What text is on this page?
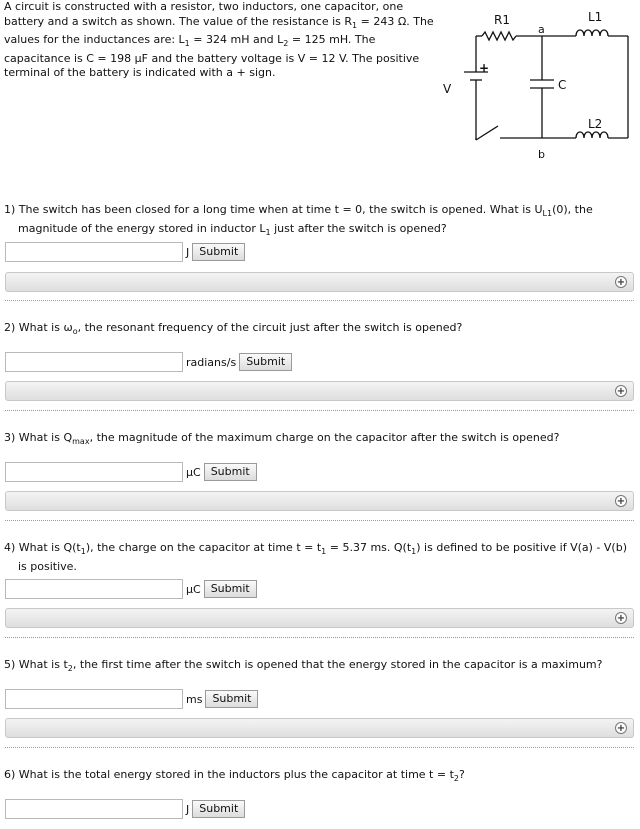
A circuit is constructed with a resistor, two inductors, one capacitor, one battery and a switch as shown. The value of the resistance is $R_1 = 243$ Ω. The values for the inductances are: $L_1 = 324$ mH and $L_2 = 125$ mH. The capacitance is C = 198 μF and the battery voltage is V = 12 V. The positive terminal of the battery is indicated with a + sign.
R1	L1
a
b
C
V
+
L2
1) The switch has been closed for a long time when at time t = 0, the switch is opened. What is $U_{L1}(0)$, the magnitude of the energy stored in inductor $L_1$ just after the switch is opened?
J Submit
+
2) What is $\omega_o$, the resonant frequency of the circuit just after the switch is opened?
radians/s Submit
+
3) What is $Q_{max}$, the magnitude of the maximum charge on the capacitor after the switch is opened?
μC Submit
+
4) What is $Q(t_1)$, the charge on the capacitor at time $t = t_1 = 5.37$ ms. $Q(t_1)$ is defined to be positive if V(a) - V(b) is positive.
μC Submit
+
5) What is $t_2$, the first time after the switch is opened that the energy stored in the capacitor is a maximum?
ms Submit
+
6) What is the total energy stored in the inductors plus the capacitor at time $t = t_2$?
J Submit
